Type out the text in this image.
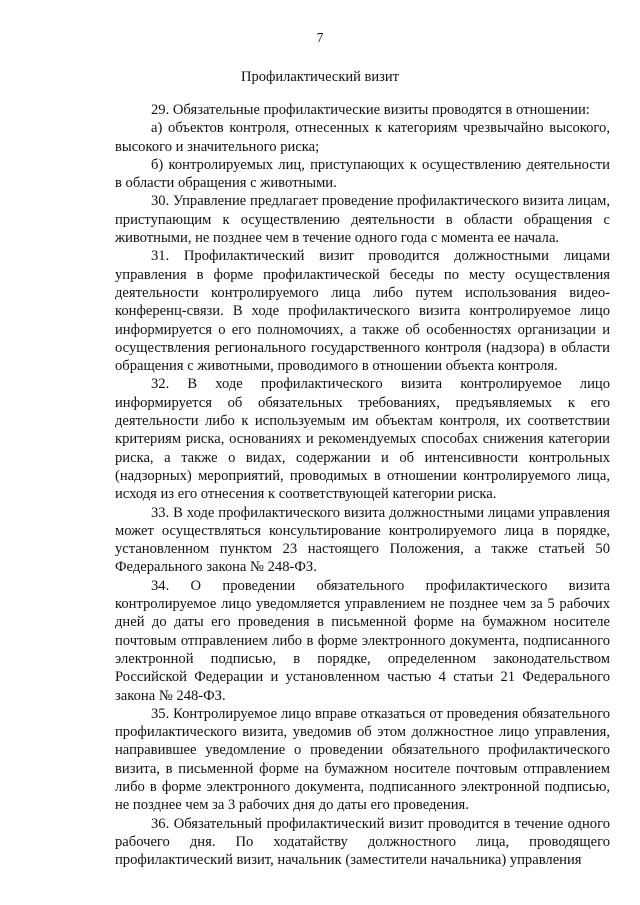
7
Профилактический визит

29. Обязательные профилактические визиты проводятся в отношении:

а) объектов контроля, отнесенных к категориям чрезвычайно высокого, высокого и значительного риска;

б) контролируемых лиц, приступающих к осуществлению деятельности в области обращения с животными.

30. Управление предлагает проведение профилактического визита лицам, приступающим к осуществлению деятельности в области обращения с животными, не позднее чем в течение одного года с момента ее начала.

31. Профилактический визит проводится должностными лицами управления в форме профилактической беседы по месту осуществления деятельности контролируемого лица либо путем использования видео-конференц-связи. В ходе профилактического визита контролируемое лицо информируется о его полномочиях, а также об особенностях организации и осуществления регионального государственного контроля (надзора) в области обращения с животными, проводимого в отношении объекта контроля.

32. В ходе профилактического визита контролируемое лицо информируется об обязательных требованиях, предъявляемых к его деятельности либо к используемым им объектам контроля, их соответствии критериям риска, основаниях и рекомендуемых способах снижения категории риска, а также о видах, содержании и об интенсивности контрольных (надзорных) мероприятий, проводимых в отношении контролируемого лица, исходя из его отнесения к соответствующей категории риска.

33. В ходе профилактического визита должностными лицами управления может осуществляться консультирование контролируемого лица в порядке, установленном пунктом 23 настоящего Положения, а также статьей 50 Федерального закона № 248-ФЗ.

34. О проведении обязательного профилактического визита контролируемое лицо уведомляется управлением не позднее чем за 5 рабочих дней до даты его проведения в письменной форме на бумажном носителе почтовым отправлением либо в форме электронного документа, подписанного электронной подписью, в порядке, определенном законодательством Российской Федерации и установленном частью 4 статьи 21 Федерального закона № 248-ФЗ.

35. Контролируемое лицо вправе отказаться от проведения обязательного профилактического визита, уведомив об этом должностное лицо управления, направившее уведомление о проведении обязательного профилактического визита, в письменной форме на бумажном носителе почтовым отправлением либо в форме электронного документа, подписанного электронной подписью, не позднее чем за 3 рабочих дня до даты его проведения.

36. Обязательный профилактический визит проводится в течение одного рабочего дня. По ходатайству должностного лица, проводящего профилактический визит, начальник (заместители начальника) управления
